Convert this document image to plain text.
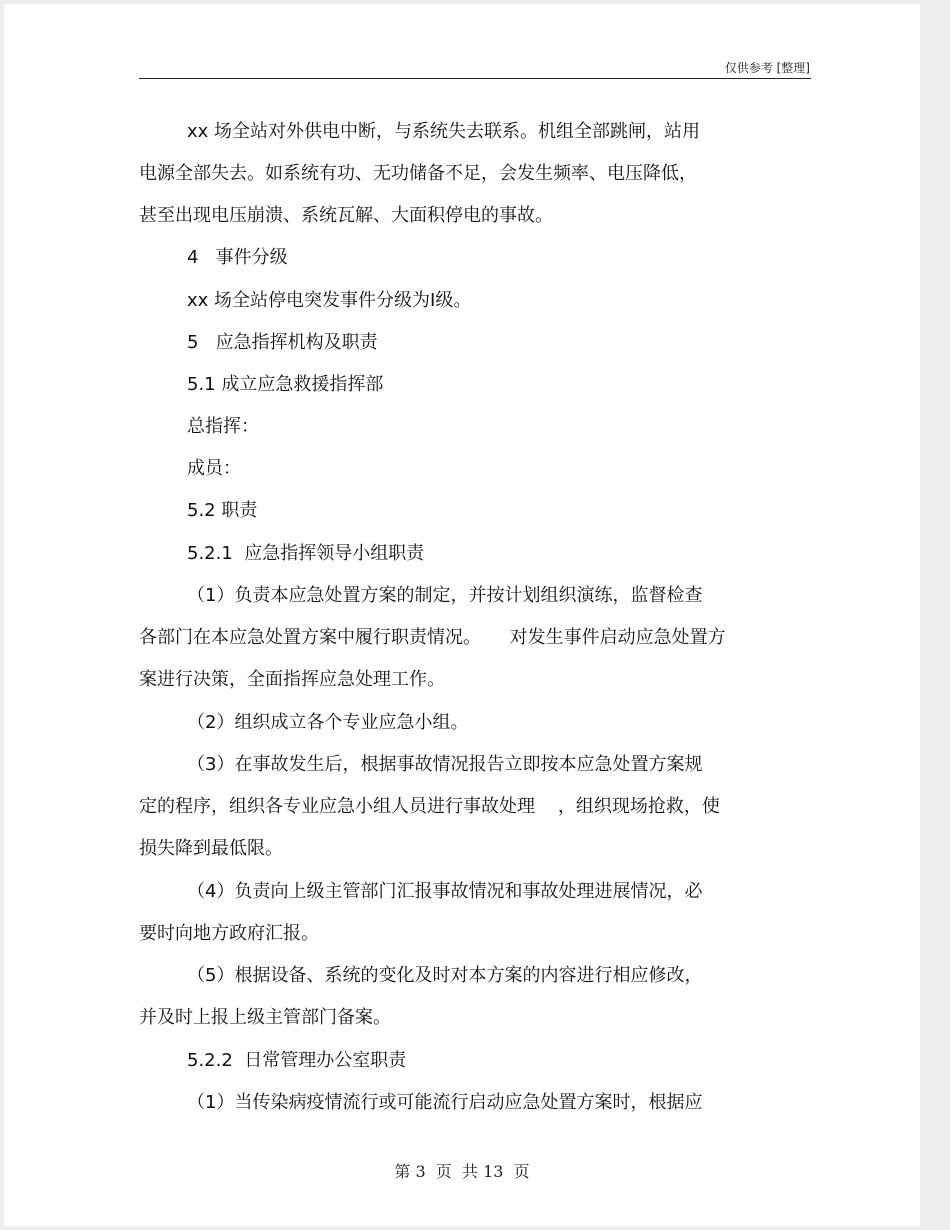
仅供参考 [整理]
xx 场全站对外供电中断，与系统失去联系。机组全部跳闸，站用
电源全部失去。如系统有功、无功储备不足，会发生频率、电压降低，
甚至出现电压崩溃、系统瓦解、大面积停电的事故。
4   事件分级
xx 场全站停电突发事件分级为Ⅰ级。
5   应急指挥机构及职责
5.1 成立应急救援指挥部
总指挥：
成员：
5.2 职责
5.2.1  应急指挥领导小组职责
（1）负责本应急处置方案的制定，并按计划组织演练，监督检查
各部门在本应急处置方案中履行职责情况。     对发生事件启动应急处置方
案进行决策，全面指挥应急处理工作。
（2）组织成立各个专业应急小组。
（3）在事故发生后，根据事故情况报告立即按本应急处置方案规
定的程序，组织各专业应急小组人员进行事故处理    ，组织现场抢救，使
损失降到最低限。
（4）负责向上级主管部门汇报事故情况和事故处理进展情况，必
要时向地方政府汇报。
（5）根据设备、系统的变化及时对本方案的内容进行相应修改，
并及时上报上级主管部门备案。
5.2.2  日常管理办公室职责
（1）当传染病疫情流行或可能流行启动应急处置方案时，根据应
第 3  页  共 13  页
